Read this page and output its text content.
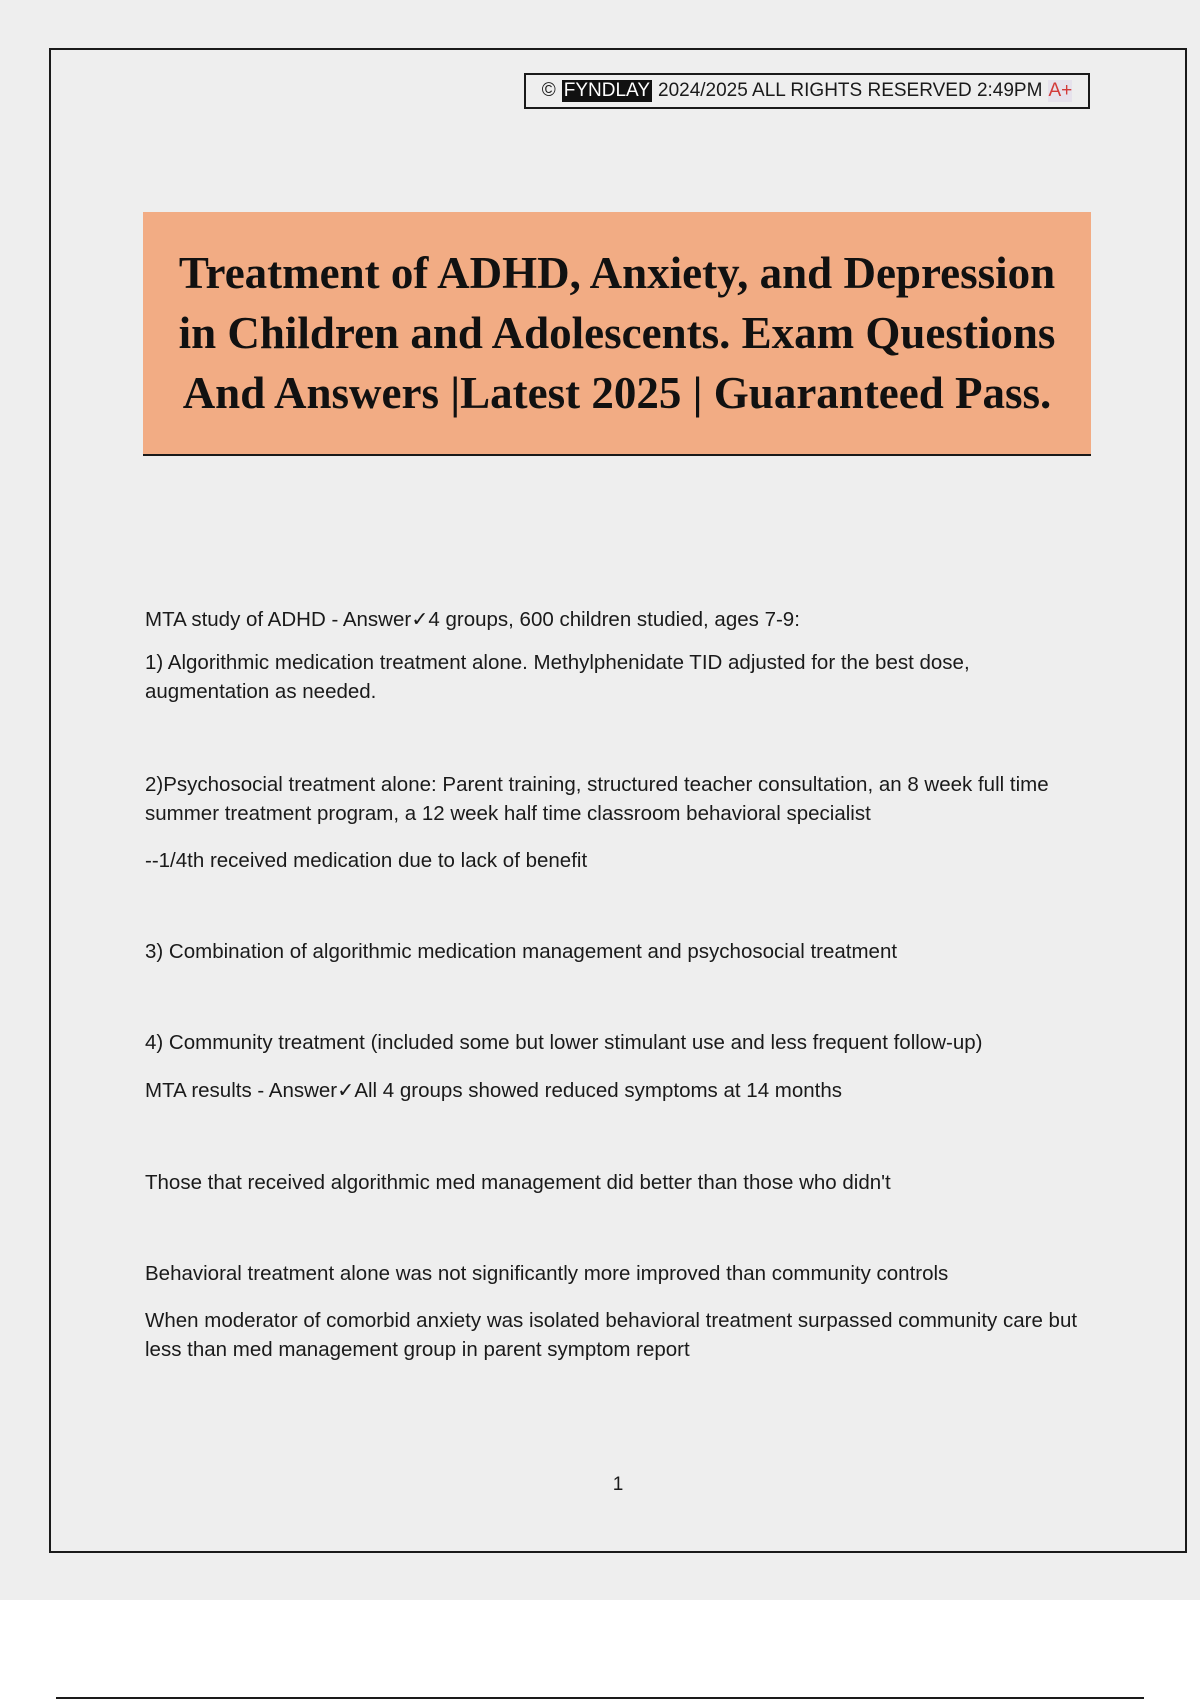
© FYNDLAY 2024/2025 ALL RIGHTS RESERVED 2:49PM A+
Treatment of ADHD, Anxiety, and Depression in Children and Adolescents. Exam Questions And Answers |Latest 2025 | Guaranteed Pass.

MTA study of ADHD - Answer✓4 groups, 600 children studied, ages 7-9:

1) Algorithmic medication treatment alone. Methylphenidate TID adjusted for the best dose, augmentation as needed.

2)Psychosocial treatment alone: Parent training, structured teacher consultation, an 8 week full time summer treatment program, a 12 week half time classroom behavioral specialist

--1/4th received medication due to lack of benefit

3) Combination of algorithmic medication management and psychosocial treatment

4) Community treatment (included some but lower stimulant use and less frequent follow-up)

MTA results - Answer✓All 4 groups showed reduced symptoms at 14 months

Those that received algorithmic med management did better than those who didn't

Behavioral treatment alone was not significantly more improved than community controls

When moderator of comorbid anxiety was isolated behavioral treatment surpassed community care but less than med management group in parent symptom report

1
